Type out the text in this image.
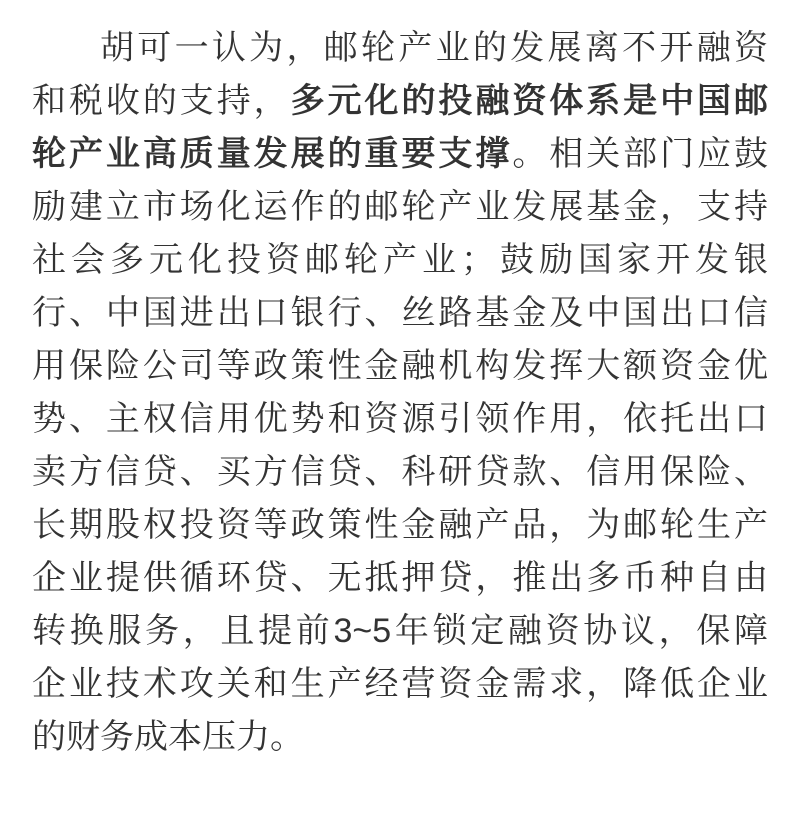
胡可一认为，邮轮产业的发展离不开融资
和税收的支持，多元化的投融资体系是中国邮
轮产业高质量发展的重要支撑。相关部门应鼓
励建立市场化运作的邮轮产业发展基金，支持
社会多元化投资邮轮产业；鼓励国家开发银
行、中国进出口银行、丝路基金及中国出口信
用保险公司等政策性金融机构发挥大额资金优
势、主权信用优势和资源引领作用，依托出口
卖方信贷、买方信贷、科研贷款、信用保险、
长期股权投资等政策性金融产品，为邮轮生产
企业提供循环贷、无抵押贷，推出多币种自由
转换服务，且提前3~5年锁定融资协议，保障
企业技术攻关和生产经营资金需求，降低企业
的财务成本压力。
